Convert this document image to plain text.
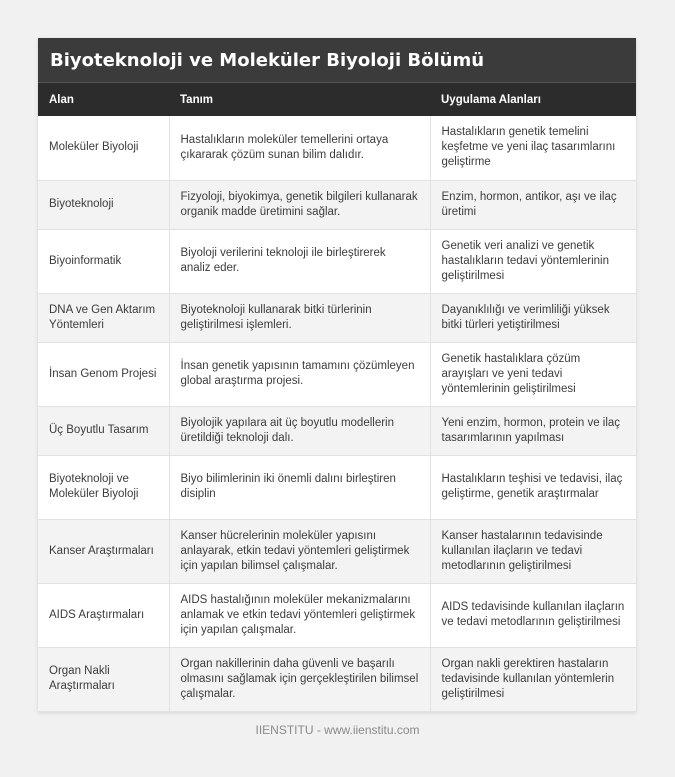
Biyoteknoloji ve Moleküler Biyoloji Bölümü
Alan	Tanım	Uygulama Alanları
Moleküler Biyoloji	Hastalıkların moleküler temellerini ortaya çıkararak çözüm sunan bilim dalıdır.	Hastalıkların genetik temelini keşfetme ve yeni ilaç tasarımlarını geliştirme
Biyoteknoloji	Fizyoloji, biyokimya, genetik bilgileri kullanarak organik madde üretimini sağlar.	Enzim, hormon, antikor, aşı ve ilaç üretimi
Biyoinformatik	Biyoloji verilerini teknoloji ile birleştirerek analiz eder.	Genetik veri analizi ve genetik hastalıkların tedavi yöntemlerinin geliştirilmesi
DNA ve Gen Aktarım Yöntemleri	Biyoteknoloji kullanarak bitki türlerinin geliştirilmesi işlemleri.	Dayanıklılığı ve verimliliği yüksek bitki türleri yetiştirilmesi
İnsan Genom Projesi	İnsan genetik yapısının tamamını çözümleyen global araştırma projesi.	Genetik hastalıklara çözüm arayışları ve yeni tedavi yöntemlerinin geliştirilmesi
Üç Boyutlu Tasarım	Biyolojik yapılara ait üç boyutlu modellerin üretildiği teknoloji dalı.	Yeni enzim, hormon, protein ve ilaç tasarımlarının yapılması
Biyoteknoloji ve Moleküler Biyoloji	Biyo bilimlerinin iki önemli dalını birleştiren disiplin	Hastalıkların teşhisi ve tedavisi, ilaç geliştirme, genetik araştırmalar
Kanser Araştırmaları	Kanser hücrelerinin moleküler yapısını anlayarak, etkin tedavi yöntemleri geliştirmek için yapılan bilimsel çalışmalar.	Kanser hastalarının tedavisinde kullanılan ilaçların ve tedavi metodlarının geliştirilmesi
AIDS Araştırmaları	AIDS hastalığının moleküler mekanizmalarını anlamak ve etkin tedavi yöntemleri geliştirmek için yapılan çalışmalar.	AIDS tedavisinde kullanılan ilaçların ve tedavi metodlarının geliştirilmesi
Organ Nakli Araştırmaları	Organ nakillerinin daha güvenli ve başarılı olmasını sağlamak için gerçekleştirilen bilimsel çalışmalar.	Organ nakli gerektiren hastaların tedavisinde kullanılan yöntemlerin geliştirilmesi
IIENSTITU - www.iienstitu.com
